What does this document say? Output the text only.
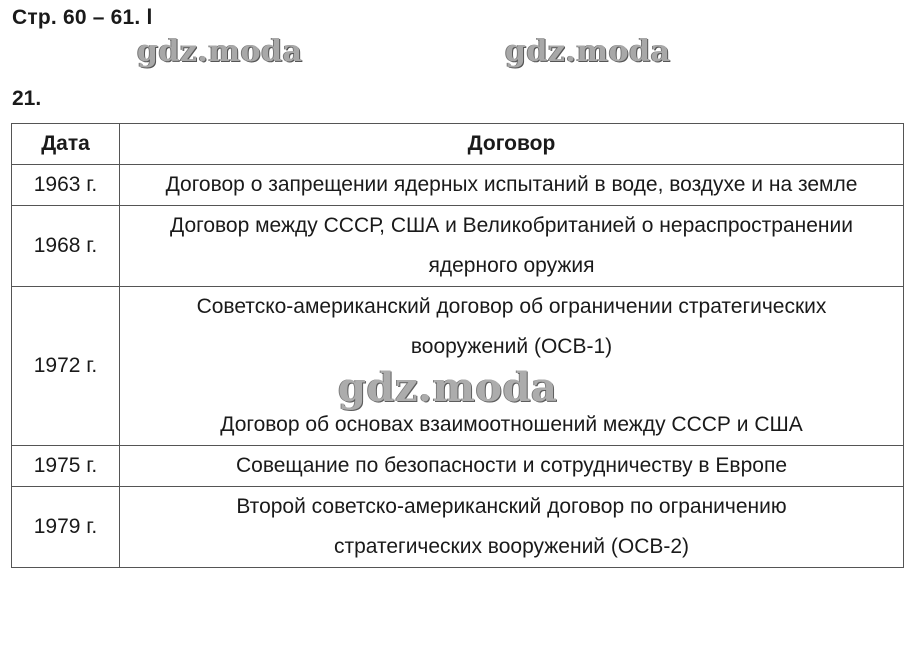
Стр. 60 – 61. l
gdz.moda	gdz.moda
21.
Дата	Договор
1963 г.	Договор о запрещении ядерных испытаний в воде, воздухе и на земле
1968 г.	Договор между СССР, США и Великобританией о нераспространении
ядерного оружия
1972 г.	Советско-американский договор об ограничении стратегических
вооружений (ОСВ-1)
Договор об основах взаимоотношений между СССР и США
1975 г.	Совещание по безопасности и сотрудничеству в Европе
1979 г.	Второй советско-американский договор по ограничению
стратегических вооружений (ОСВ-2)
gdz.moda
